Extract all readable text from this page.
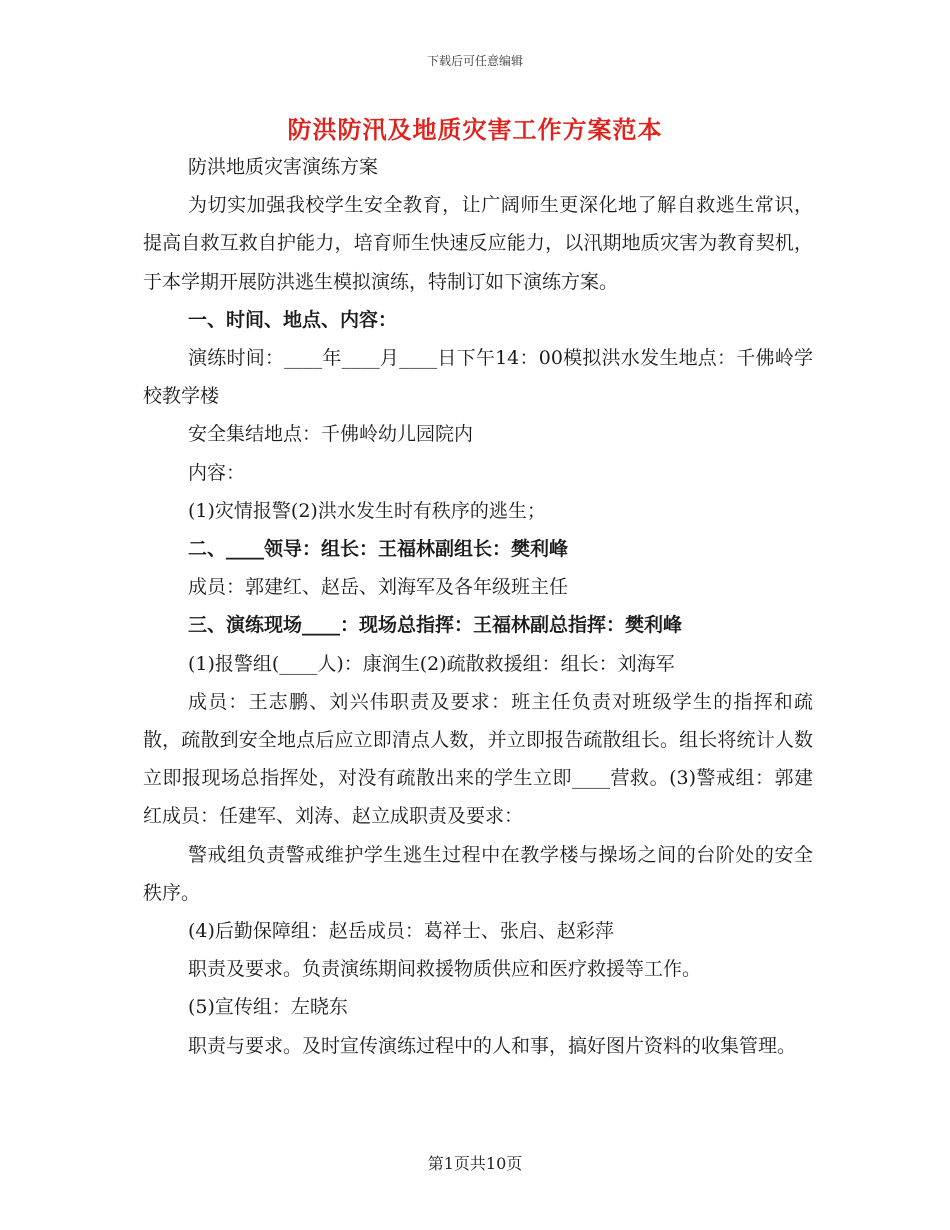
下载后可任意编辑
防洪防汛及地质灾害工作方案范本

防洪地质灾害演练方案

为切实加强我校学生安全教育，让广阔师生更深化地了解自救逃生常识，提高自救互救自护能力，培育师生快速反应能力，以汛期地质灾害为教育契机，于本学期开展防洪逃生模拟演练，特制订如下演练方案。

一、时间、地点、内容：

演练时间：____年____月____日下午14：00模拟洪水发生地点：千佛岭学校教学楼

安全集结地点：千佛岭幼儿园院内

内容：

(1)灾情报警(2)洪水发生时有秩序的逃生；

二、____领导：组长：王福林副组长：樊利峰

成员：郭建红、赵岳、刘海军及各年级班主任

三、演练现场____：现场总指挥：王福林副总指挥：樊利峰

(1)报警组(____人)：康润生(2)疏散救援组：组长：刘海军

成员：王志鹏、刘兴伟职责及要求：班主任负责对班级学生的指挥和疏散，疏散到安全地点后应立即清点人数，并立即报告疏散组长。组长将统计人数立即报现场总指挥处，对没有疏散出来的学生立即____营救。(3)警戒组：郭建红成员：任建军、刘涛、赵立成职责及要求：

警戒组负责警戒维护学生逃生过程中在教学楼与操场之间的台阶处的安全秩序。

(4)后勤保障组：赵岳成员：葛祥士、张启、赵彩萍

职责及要求。负责演练期间救援物质供应和医疗救援等工作。

(5)宣传组：左晓东

职责与要求。及时宣传演练过程中的人和事，搞好图片资料的收集管理。

第1页共10页
